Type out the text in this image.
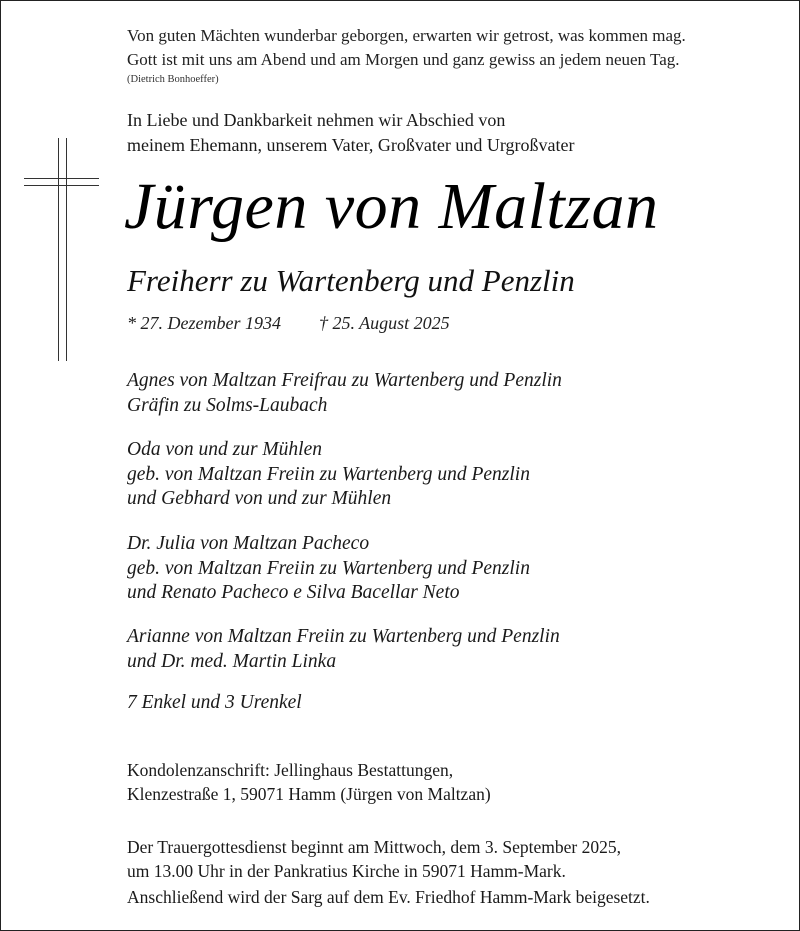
Von guten Mächten wunderbar geborgen, erwarten wir getrost, was kommen mag.
Gott ist mit uns am Abend und am Morgen und ganz gewiss an jedem neuen Tag.
(Dietrich Bonhoeffer)
In Liebe und Dankbarkeit nehmen wir Abschied von
meinem Ehemann, unserem Vater, Großvater und Urgroßvater
Jürgen von Maltzan
Freiherr zu Wartenberg und Penzlin
* 27. Dezember 1934 † 25. August 2025
Agnes von Maltzan Freifrau zu Wartenberg und Penzlin
Gräfin zu Solms-Laubach
Oda von und zur Mühlen
geb. von Maltzan Freiin zu Wartenberg und Penzlin
und Gebhard von und zur Mühlen
Dr. Julia von Maltzan Pacheco
geb. von Maltzan Freiin zu Wartenberg und Penzlin
und Renato Pacheco e Silva Bacellar Neto
Arianne von Maltzan Freiin zu Wartenberg und Penzlin
und Dr. med. Martin Linka
7 Enkel und 3 Urenkel
Kondolenzanschrift: Jellinghaus Bestattungen,
Klenzestraße 1, 59071 Hamm (Jürgen von Maltzan)
Der Trauergottesdienst beginnt am Mittwoch, dem 3. September 2025,
um 13.00 Uhr in der Pankratius Kirche in 59071 Hamm-Mark.
Anschließend wird der Sarg auf dem Ev. Friedhof Hamm-Mark beigesetzt.
